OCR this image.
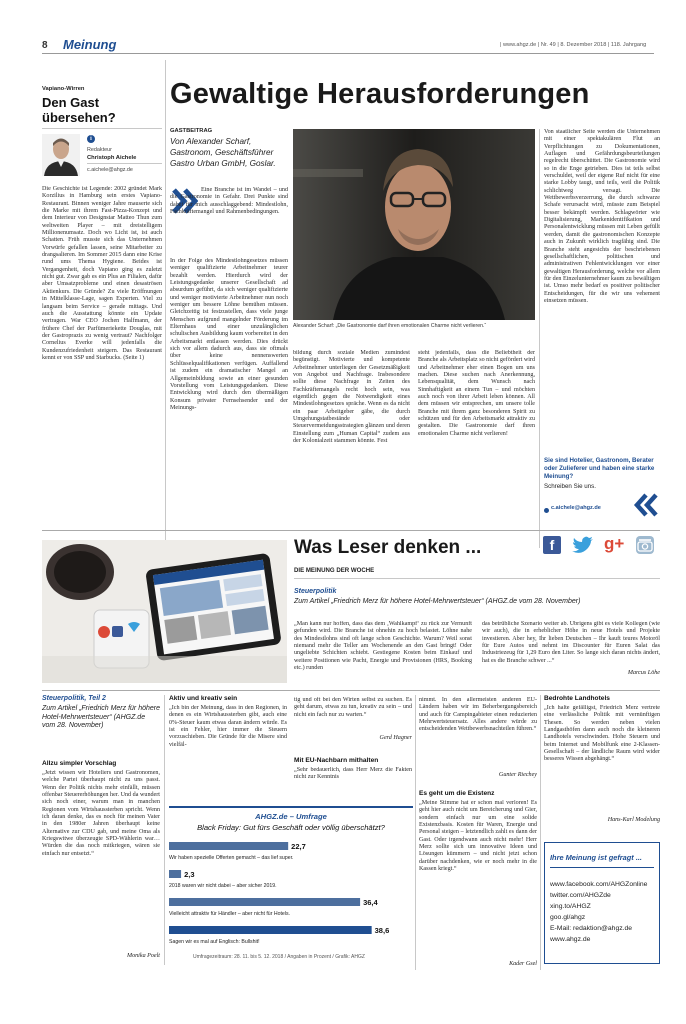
8 Meinung	| www.ahgz.de | Nr. 49 | 8. Dezember 2018 | 118. Jahrgang
Vapiano-Wirren
Den Gast
übersehen?
i
Redakteur
Christoph Aichele
c.aichele@ahgz.de
Die Geschichte ist Legende: 2002 gründet Mark Korzilius in Hamburg sein erstes Vapiano-Restaurant. Binnen weniger Jahre mauserte sich die Marke mit ihrem Fast-Pizza-Konzept und dem Interieur von Designstar Matteo Thun zum weltweiten Player – mit dreistelligem Millionenumsatz. Doch wo Licht ist, ist auch Schatten. Früh musste sich das Unternehmen Vorwürfe gefallen lassen, seine Mitarbeiter zu drangsalieren. Im Sommer 2015 dann eine Krise rund ums Thema Hygiene. Beides ist Vergangenheit, doch Vapiano ging es zuletzt nicht gut. Zwar gab es ein Plus an Filialen, dafür aber Umsatzprobleme und einen desaströsen Aktienkurs. Die Gründe? Zu viele Eröffnungen in Mittelklasse-Lage, sagen Experten. Viel zu langsam beim Service – gerade mittags. Und auch die Ausstattung könnte ein Update vertragen. War CEO Jochen Halfmann, der frühere Chef der Parfümeriekette Douglas, mit der Gastroprazis zu wenig vertraut? Nachfolger Cornelius Everke will jedenfalls die Kundenzufriedenheit steigern. Das Restaurant kennt er von SSP und Starbucks. (Seite 1)
Gewaltige Herausforderungen
GASTBEITRAG
Von Alexander Scharf, Gastronom, Geschäftsführer Gastro Urban GmbH, Goslar.
Eine Branche ist im Wandel – und die Gastronomie in Gefahr. Drei Punkte sind dabei für mich ausschlaggebend: Mindestlohn, Fachkräftemangel und Rahmenbedingungen.
In der Folge des Mindestlohngesetzes müssen weniger qualifizierte Arbeitnehmer teurer bezahlt werden. Hierdurch wird der Leistungsgedanke unserer Gesellschaft ad absurdum geführt, da sich weniger qualifizierte und weniger motivierte Arbeitnehmer nun noch weniger um bessere Löhne bemühen müssen. Gleichzeitig ist festzustellen, dass viele junge Menschen aufgrund mangelnder Förderung im Elternhaus und einer unzulänglichen schulischen Ausbildung kaum vorbereitet in den Arbeitsmarkt entlassen werden. Dies drückt sich vor allem dadurch aus, dass sie oftmals über keine nennenswerten Schlüsselqualifikationen verfügen. Auffallend ist zudem ein dramatischer Mangel an Allgemeinbildung sowie an einer gesunden Vorstellung vom Leistungsgedanken. Diese Entwicklung wird durch den übermäßigen Konsum privater Fernsehsender und der Meinungs-
Alexander Scharf: „Die Gastronomie darf ihren emotionalen Charme nicht verlieren.“
bildung durch soziale Medien zumindest begünstigt. Motivierte und kompetente Arbeitnehmer unterliegen der Gesetzmäßigkeit von Angebot und Nachfrage. Insbesondere sollte diese Nachfrage in Zeiten des Fachkräftemangels recht hoch sein, was eigentlich gegen die Notwendigkeit eines Mindestlohngesetzes spräche. Wenn es da nicht ein paar Arbeitgeber gäbe, die durch Umgehungstatbestände oder Steuervermeidungsstrategien glänzen und deren Einstellung zum „Human Capital“ zudem aus der Kolonialzeit stammen könnte. Fest
steht jedenfalls, dass die Beliebtheit der Branche als Arbeitsplatz so nicht gefördert wird und Arbeitnehmer eher einen Bogen um uns machen. Diese suchen nach Anerkennung, Lebensqualität, dem Wunsch nach Sinnhaftigkeit an einem Tun – und möchten auch noch von ihrer Arbeit leben können. All dem müssen wir entsprechen, um unsere tolle Branche mit ihrem ganz besonderen Spirit zu schützen und für den Arbeitsmarkt attraktiv zu gestalten. Die Gastronomie darf ihren emotionalen Charme nicht verlieren!
Von staatlicher Seite werden die Unternehmen mit einer spektakulären Flut an Verpflichtungen zu Dokumentationen, Auflagen und Gefährdungsbeurteilungen regelrecht überschüttet. Die Gastronomie wird so in die Enge getrieben. Dies ist teils selbst verschuldet, weil der eigene Ruf nicht für eine starke Lobby taugt, und teils, weil die Politik schlichtweg versagt. Die Wettbewerbsverzerrung, die durch schwarze Schafe verursacht wird, müsste zum Beispiel besser bekämpft werden. Schlagwörter wie Digitalisierung, Markenidentifikation und Personalentwicklung müssen mit Leben gefüllt werden, damit die gastronomischen Konzepte auch in Zukunft wirklich tragfähig sind. Die Branche steht angesichts der beschriebenen gesellschaftlichen, politischen und administrativen Fehlentwicklungen vor einer gewaltigen Herausforderung, welche vor allem für den Einzelunternehmer kaum zu bewältigen ist. Umso mehr bedarf es positiver politischer Entscheidungen, für die wir uns vehement einsetzen müssen.
Sie sind Hotelier, Gastronom, Berater oder Zulieferer und haben eine starke Meinung?
Schreiben Sie uns.
c.aichele@ahgz.de
Was Leser denken ...	f	g+
DIE MEINUNG DER WOCHE
Steuerpolitik
Zum Artikel „Friedrich Merz für höhere Hotel-Mehrwertsteuer“ (AHGZ.de vom 28. November)
„Man kann nur hoffen, dass das dem ‚Wahlkampf‘ zu rück zur Vernunft gefunden wird. Die Branche ist ohnehin zu hoch belastet. Löhne nahe des Mindestlohns sind oft lange schon Geschichte. Warum? Weil sonst niemand mehr die Teller am Wochenende an den Gast bringt! Oder ungeliebte Schichten schiebt. Gestiegene Kosten beim Einkauf und weitere Positionen wie Pacht, Energie und Provisionen (HRS, Booking etc.) runden
das betrübliche Szenario weiter ab. Übrigens gibt es viele Kollegen (wie wir auch), die in erheblicher Höhe in neue Hotels und Projekte investieren. Aber hey, Ihr lieben Deutschen – Ihr kauft teures Motoröl für Eure Autos und nehmt im Discounter für Euren Salat das Industriezeug für 1,29 Euro den Liter. So lange sich daran nichts ändert, hat es die Branche schwer ...“
Marcus Löhe
Steuerpolitik, Teil 2
Zum Artikel „Friedrich Merz für höhere Hotel-Mehrwertsteuer“ (AHGZ.de vom 28. November)
Allzu simpler Vorschlag
„Jetzt wissen wir Hoteliers und Gastronomen, welche Partei überhaupt nicht zu uns passt. Wenn der Politik nichts mehr einfällt, müssen offenbar Steuererhöhungen her. Und da wundert sich noch einer, warum man in manchen Regionen vom Wirtshaussterben spricht. Wenn ich daran denke, das es noch für meinen Vater in den 1980er Jahren überhaupt keine Alternative zur CDU gab, und meine Oma als Kriegswitwe überzeugte SPD-Wählerin war… Würden die das noch mitkriegen, wären sie einfach nur entsetzt.“
Monika Poelt
Aktiv und kreativ sein
„Ich bin der Meinung, dass in den Regionen, in denen es ein Wirtshaussterben gibt, auch eine 0%-Steuer kaum etwas daran ändern würde. Es ist ein Fehler, hier immer die Steuern vorzuschieben. Die Gründe für die Misere sind vielfäl-
tig und oft bei den Wirten selbst zu suchen. Es geht darum, etwas zu tun, kreativ zu sein – und nicht ein fach nur zu warten.“
Gerd Hagner
Mit EU-Nachbarn mithalten
„Sehr bedauerlich, dass Herr Merz die Fakten nicht zur Kenntnis
AHGZ.de – Umfrage
Black Friday: Gut fürs Geschäft oder völlig überschätzt?
22,7
Wir haben spezielle Offerten gemacht – das lief super.
2,3
2018 waren wir nicht dabei – aber sicher 2019.
36,4
Vielleicht attraktiv für Händler – aber nicht für Hotels.
38,6
Sagen wir es mal auf Englisch: Bullshit!
Umfragezeitraum: 28. 11. bis 5. 12. 2018 / Angaben in Prozent / Grafik: AHGZ
nimmt. In den allermeisten anderen EU-Ländern haben wir im Beherbergungsbereich und auch für Campingabieter einen reduzierten Mehrwertsteuersatz. Alles andere würde zu entscheidenden Wettbewerbsnachteilen führen.“
Gunter Riechey
Es geht um die Existenz
„Meine Stimme hat er schon mal verloren! Es geht hier auch nicht um Bereicherung und Gier, sondern einfach nur um eine solide Existenzbasis. Kosten für Waren, Energie und Personal steigen – letztendlich zahlt es dann der Gast. Oder irgendwann auch nicht mehr! Herr Merz sollte sich um innovative Ideen und Lösungen kümmern – und nicht jetzt schon darüber nachdenken, wie er noch mehr in die Kassen kriegt.“
Kader Gsel
Bedrohte Landhotels
„Ich halte gefälligst, Friedrich Merz vertrete eine verlässliche Politik mit vernünftigen Thesen. So werden neben vielen Landgasthöfen dann auch noch die kleineren Landhotels verschwinden. Hohe Steuern und beim Internet und Mobilfunk eine 2-Klassen-Gesellschaft – der ländliche Raum wird wider besseres Wissen abgehängt.“
Hans-Karl Modelung
Ihre Meinung ist gefragt ...
www.facebook.com/AHGZonline
twitter.com/AHGZde
xing.to/AHGZ
goo.gl/ahgz
E-Mail: redaktion@ahgz.de
www.ahgz.de
